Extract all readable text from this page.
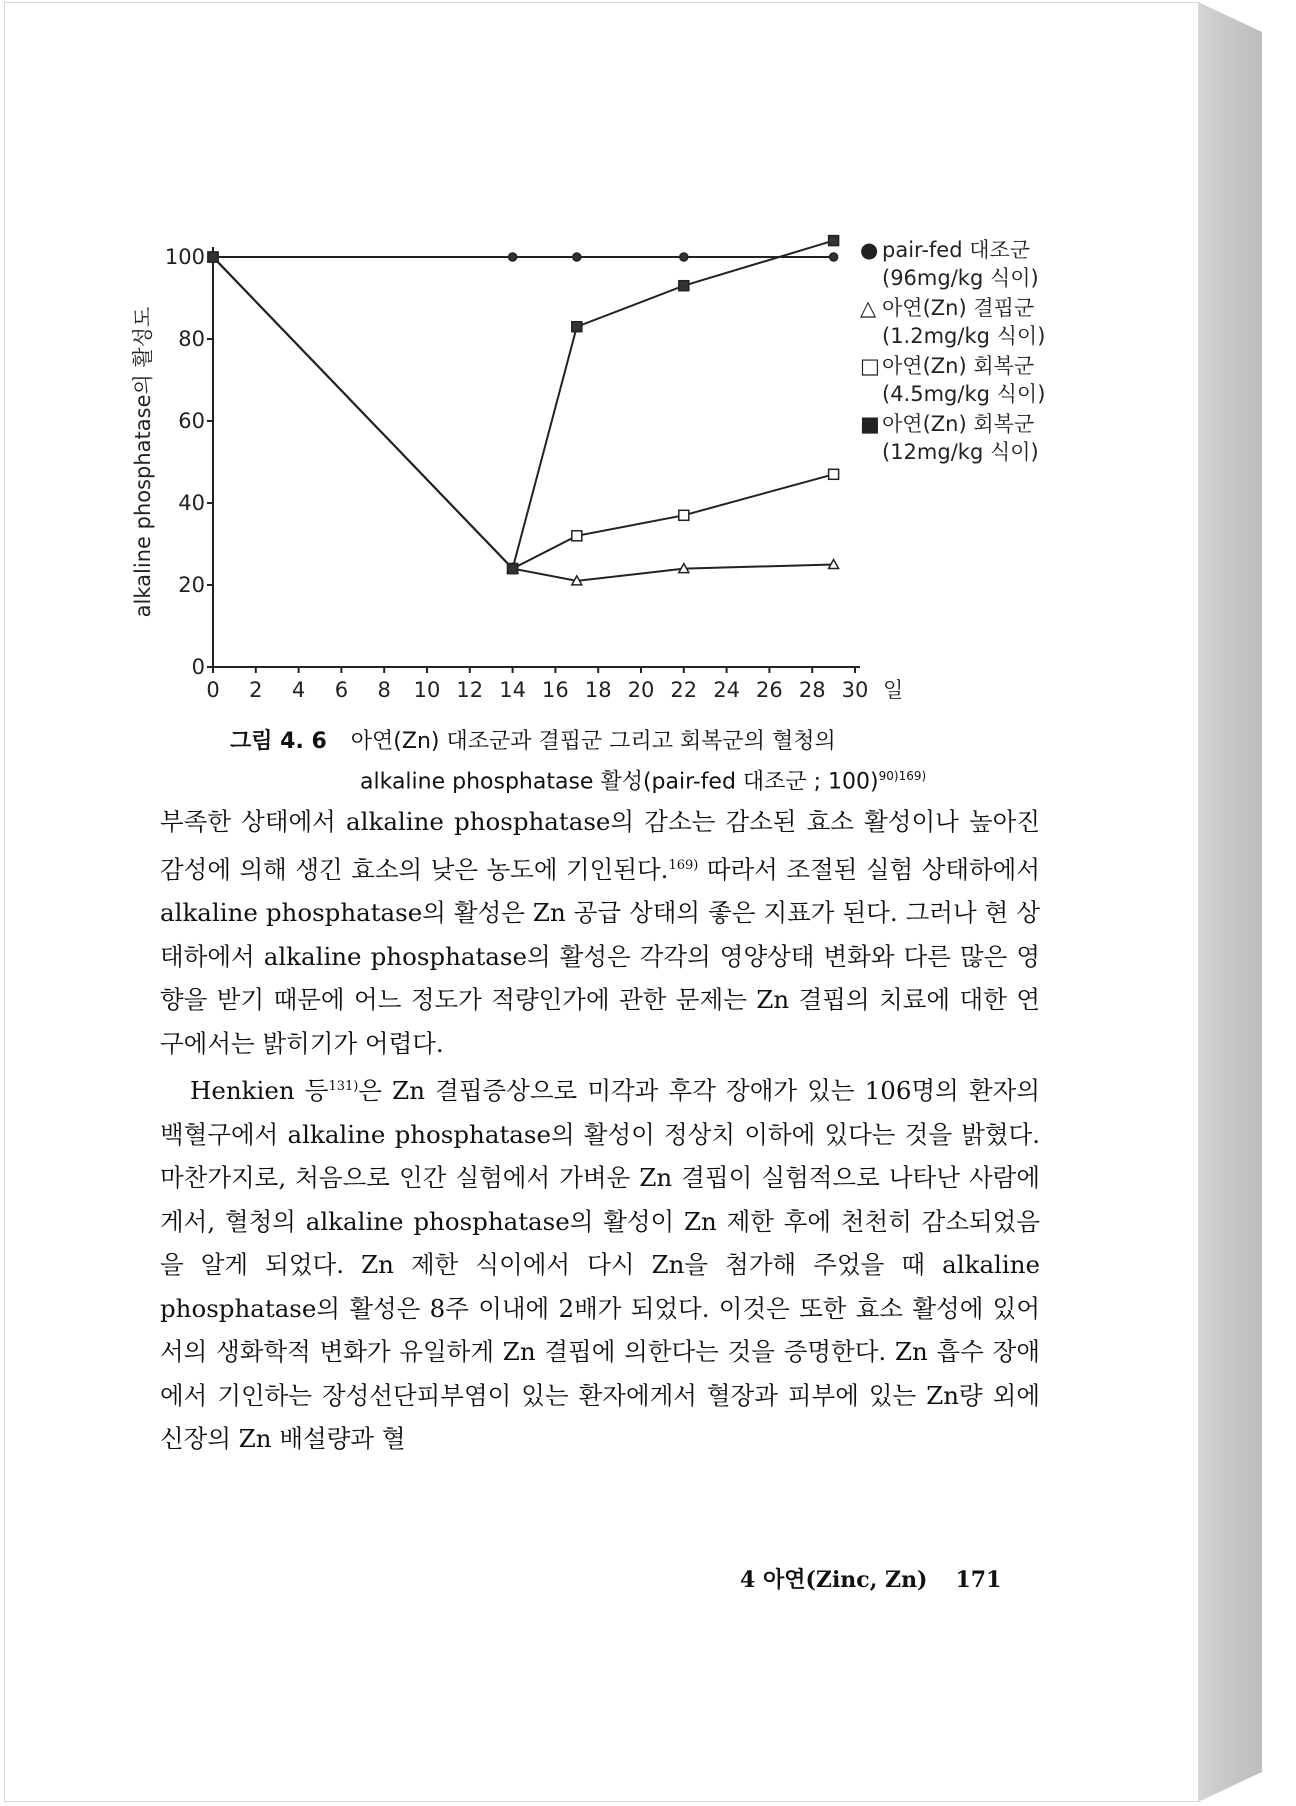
0
20
40
60
80
100
0 2 4 6 8 10 12 14 16 18 20 22 24 26 28 30
alkaline phosphatase의 활성도
일
● pair-fed 대조군
(96mg/kg 식이)
△ 아연(Zn) 결핍군
(1.2mg/kg 식이)
□ 아연(Zn) 회복군
(4.5mg/kg 식이)
■ 아연(Zn) 회복군
(12mg/kg 식이)
그림 4. 6 아연(Zn) 대조군과 결핍군 그리고 회복군의 혈청의
alkaline phosphatase 활성(pair-fed 대조군 ; 100)$^{90)169)}$

부족한 상태에서 alkaline phosphatase의 감소는 감소된 효소 활성이나 높아진 감성에 의해 생긴 효소의 낮은 농도에 기인된다.$^{169)}$ 따라서 조절된 실험 상태하에서 alkaline phosphatase의 활성은 Zn 공급 상태의 좋은 지표가 된다. 그러나 현 상태하에서 alkaline phosphatase의 활성은 각각의 영양상태 변화와 다른 많은 영향을 받기 때문에 어느 정도가 적량인가에 관한 문제는 Zn 결핍의 치료에 대한 연구에서는 밝히기가 어렵다.

Henkien 등$^{131)}$은 Zn 결핍증상으로 미각과 후각 장애가 있는 106명의 환자의 백혈구에서 alkaline phosphatase의 활성이 정상치 이하에 있다는 것을 밝혔다. 마찬가지로, 처음으로 인간 실험에서 가벼운 Zn 결핍이 실험적으로 나타난 사람에게서, 혈청의 alkaline phosphatase의 활성이 Zn 제한 후에 천천히 감소되었음을 알게 되었다. Zn 제한 식이에서 다시 Zn을 첨가해 주었을 때 alkaline phosphatase의 활성은 8주 이내에 2배가 되었다. 이것은 또한 효소 활성에 있어서의 생화학적 변화가 유일하게 Zn 결핍에 의한다는 것을 증명한다. Zn 흡수 장애에서 기인하는 장성선단피부염이 있는 환자에게서 혈장과 피부에 있는 Zn량 외에 신장의 Zn 배설량과 혈

4 아연(Zinc, Zn) 171
